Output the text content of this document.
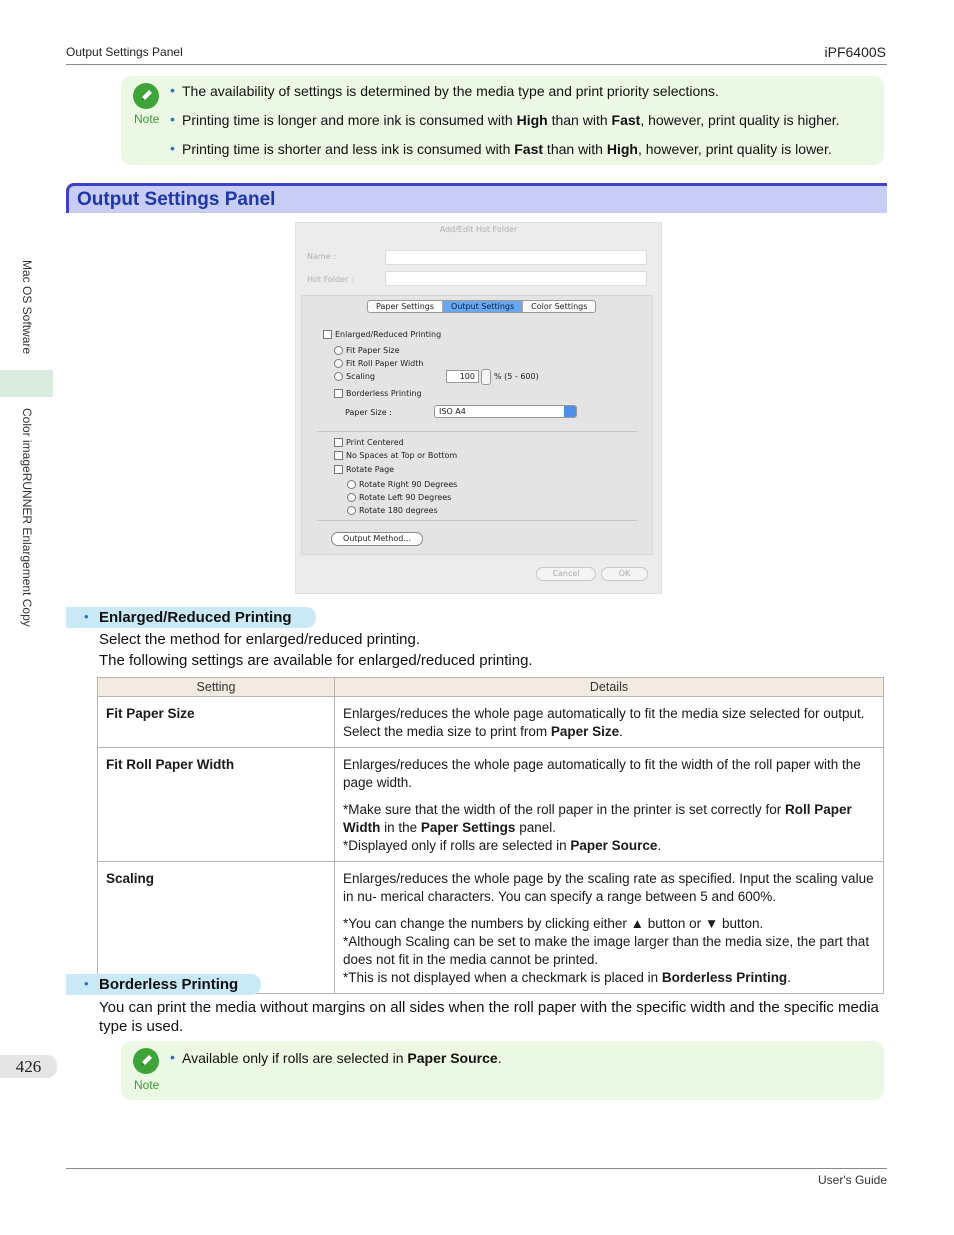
Output Settings Panel	iPF6400S
Mac OS Software
Color imageRUNNER Enlargement Copy
Note
• The availability of settings is determined by the media type and print priority selections.
• Printing time is longer and more ink is consumed with High than with Fast, however, print quality is higher.
• Printing time is shorter and less ink is consumed with Fast than with High, however, print quality is lower.
Output Settings Panel
Add/Edit Hot Folder
Name :
Hot Folder :
Paper Settings	Output Settings	Color Settings
Enlarged/Reduced Printing
Fit Paper Size
Fit Roll Paper Width
Scaling	100	% (5 - 600)
Borderless Printing
Paper Size :	ISO A4
Print Centered
No Spaces at Top or Bottom
Rotate Page
Rotate Right 90 Degrees
Rotate Left 90 Degrees
Rotate 180 degrees
Output Method...
Cancel	OK
• Enlarged/Reduced Printing
Select the method for enlarged/reduced printing.
The following settings are available for enlarged/reduced printing.
Setting	Details
Fit Paper Size	Enlarges/reduces the whole page automatically to fit the media size selected for output. Select the media size to print from Paper Size.

Fit Roll Paper Width	Enlarges/reduces the whole page automatically to fit the width of the roll paper with the page width.
*Make sure that the width of the roll paper in the printer is set correctly for Roll Paper Width in the Paper Settings panel.
*Displayed only if rolls are selected in Paper Source.

Scaling	Enlarges/reduces the whole page by the scaling rate as specified. Input the scaling value in nu- merical characters. You can specify a range between 5 and 600%.
*You can change the numbers by clicking either ▲ button or ▼ button.
*Although Scaling can be set to make the image larger than the media size, the part that does not fit in the media cannot be printed.
*This is not displayed when a checkmark is placed in Borderless Printing.
• Borderless Printing
You can print the media without margins on all sides when the roll paper with the specific width and the specific media type is used.
Note
• Available only if rolls are selected in Paper Source.
426
User's Guide
